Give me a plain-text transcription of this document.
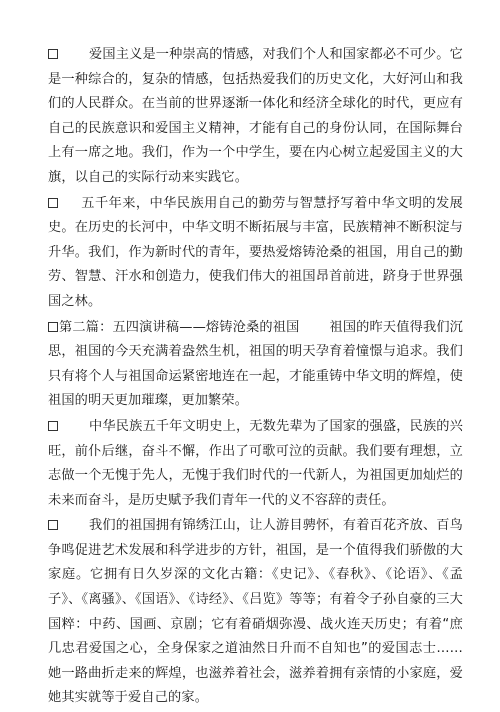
爱国主义是一种崇高的情感，对我们个人和国家都必不可少。它是一种综合的，复杂的情感，包括热爱我们的历史文化，大好河山和我们的人民群众。在当前的世界逐渐一体化和经济全球化的时代，更应有自己的民族意识和爱国主义精神，才能有自己的身份认同，在国际舞台上有一席之地。我们，作为一个中学生，要在内心树立起爱国主义的大旗，以自己的实际行动来实践它。

五千年来，中华民族用自己的勤劳与智慧抒写着中华文明的发展史。在历史的长河中，中华文明不断拓展与丰富，民族精神不断积淀与升华。我们，作为新时代的青年，要热爱熔铸沧桑的祖国，用自己的勤劳、智慧、汗水和创造力，使我们伟大的祖国昂首前进，跻身于世界强国之林。

第二篇：五四演讲稿——熔铸沧桑的祖国 祖国的昨天值得我们沉思，祖国的今天充满着盎然生机，祖国的明天孕育着憧憬与追求。我们只有将个人与祖国命运紧密地连在一起，才能重铸中华文明的辉煌，使祖国的明天更加璀璨，更加繁荣。

中华民族五千年文明史上，无数先辈为了国家的强盛，民族的兴旺，前仆后继，奋斗不懈，作出了可歌可泣的贡献。我们要有理想，立志做一个无愧于先人，无愧于我们时代的一代新人，为祖国更加灿烂的未来而奋斗，是历史赋予我们青年一代的义不容辞的责任。

我们的祖国拥有锦绣江山，让人游目骋怀，有着百花齐放、百鸟争鸣促进艺术发展和科学进步的方针，祖国，是一个值得我们骄傲的大家庭。它拥有日久岁深的文化古籍：《史记》、《春秋》、《论语》、《孟子》、《离骚》、《国语》、《诗经》、《吕览》等等；有着令子孙自豪的三大国粹：中药、国画、京剧；它有着硝烟弥漫、战火连天历史；有着“庶几忠君爱国之心，全身保家之道油然日升而不自知也”的爱国志士……她一路曲折走来的辉煌，也滋养着社会，滋养着拥有亲情的小家庭，爱她其实就等于爱自己的家。
